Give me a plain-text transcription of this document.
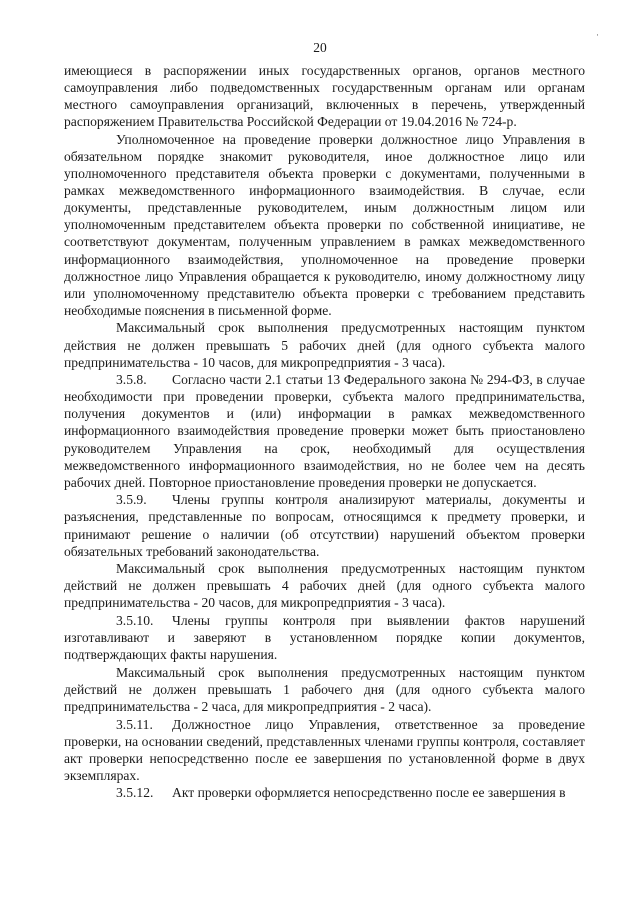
·
20

имеющиеся в распоряжении иных государственных органов, органов местного самоуправления либо подведомственных государственным органам или органам местного самоуправления организаций, включенных в перечень, утвержденный распоряжением Правительства Российской Федерации от 19.04.2016 № 724-р.

Уполномоченное на проведение проверки должностное лицо Управления в обязательном порядке знакомит руководителя, иное должностное лицо или уполномоченного представителя объекта проверки с документами, полученными в рамках межведомственного информационного взаимодействия. В случае, если документы, представленные руководителем, иным должностным лицом или уполномоченным представителем объекта проверки по собственной инициативе, не соответствуют документам, полученным управлением в рамках межведомственного информационного взаимодействия, уполномоченное на проведение проверки должностное лицо Управления обращается к руководителю, иному должностному лицу или уполномоченному представителю объекта проверки с требованием представить необходимые пояснения в письменной форме.

Максимальный срок выполнения предусмотренных настоящим пунктом действия не должен превышать 5 рабочих дней (для одного субъекта малого предпринимательства - 10 часов, для микропредприятия - 3 часа).

3.5.8. Согласно части 2.1 статьи 13 Федерального закона № 294-ФЗ, в случае необходимости при проведении проверки, субъекта малого предпринимательства, получения документов и (или) информации в рамках межведомственного информационного взаимодействия проведение проверки может быть приостановлено руководителем Управления на срок, необходимый для осуществления межведомственного информационного взаимодействия, но не более чем на десять рабочих дней. Повторное приостановление проведения проверки не допускается.

3.5.9. Члены группы контроля анализируют материалы, документы и разъяснения, представленные по вопросам, относящимся к предмету проверки, и принимают решение о наличии (об отсутствии) нарушений объектом проверки обязательных требований законодательства.

Максимальный срок выполнения предусмотренных настоящим пунктом действий не должен превышать 4 рабочих дней (для одного субъекта малого предпринимательства - 20 часов, для микропредприятия - 3 часа).

3.5.10. Члены группы контроля при выявлении фактов нарушений изготавливают и заверяют в установленном порядке копии документов, подтверждающих факты нарушения.

Максимальный срок выполнения предусмотренных настоящим пунктом действий не должен превышать 1 рабочего дня (для одного субъекта малого предпринимательства - 2 часа, для микропредприятия - 2 часа).

3.5.11. Должностное лицо Управления, ответственное за проведение проверки, на основании сведений, представленных членами группы контроля, составляет акт проверки непосредственно после ее завершения по установленной форме в двух экземплярах.

3.5.12. Акт проверки оформляется непосредственно после ее завершения в
